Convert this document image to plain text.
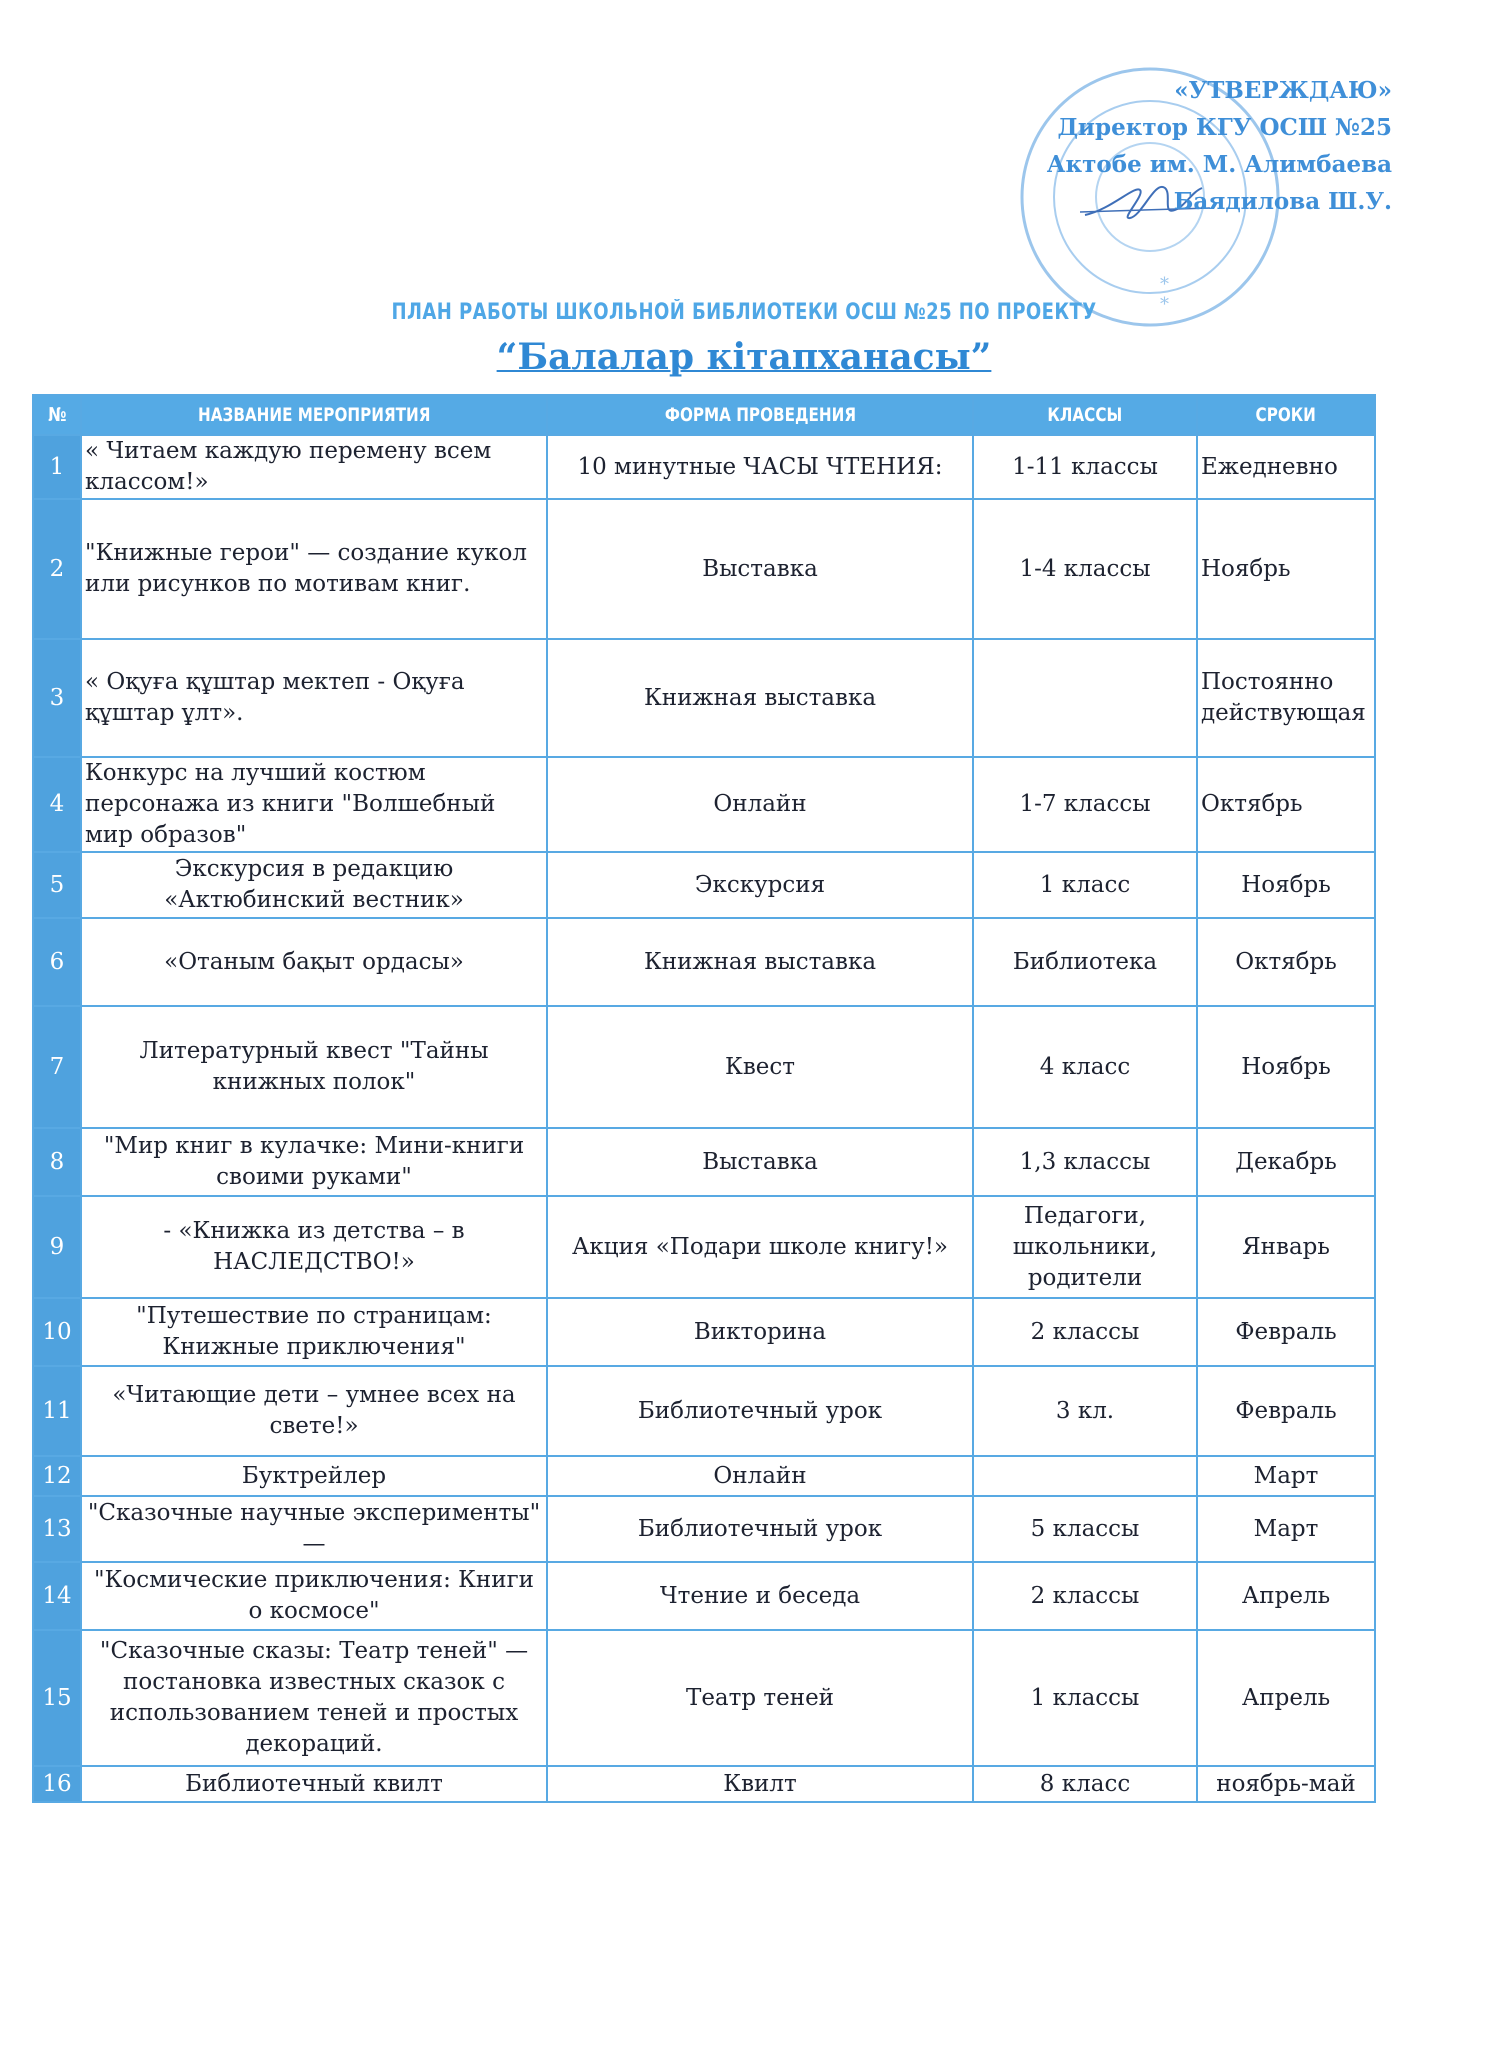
*
*
«УТВЕРЖДАЮ»
Директор КГУ ОСШ №25
Актобе им. М. Алимбаева
Баядилова Ш.У.
ПЛАН РАБОТЫ ШКОЛЬНОЙ БИБЛИОТЕКИ ОСШ №25 ПО ПРОЕКТУ
“Балалар кітапханасы”
№	НАЗВАНИЕ МЕРОПРИЯТИЯ	ФОРМА ПРОВЕДЕНИЯ	КЛАССЫ	СРОКИ
1	« Читаем каждую перемену всем классом!»	10 минутные ЧАСЫ ЧТЕНИЯ:	1-11 классы	Ежедневно
2	"Книжные герои" — создание кукол или рисунков по мотивам книг.	Выставка	1-4 классы	Ноябрь
3	« Оқуға құштар мектеп - Оқуға құштар ұлт».	Книжная выставка		Постоянно действующая
4	Конкурс на лучший костюм персонажа из книги "Волшебный мир образов"	Онлайн	1-7 классы	Октябрь
5	Экскурсия в редакцию «Актюбинский вестник»	Экскурсия	1 класс	Ноябрь
6	«Отаным бақыт ордасы»	Книжная выставка	Библиотека	Октябрь
7	Литературный квест "Тайны книжных полок"	Квест	4 класс	Ноябрь
8	"Мир книг в кулачке: Мини-книги своими руками"	Выставка	1,3 классы	Декабрь
9	- «Книжка из детства – в НАСЛЕДСТВО!»	Акция «Подари школе книгу!»	Педагоги, школьники, родители	Январь
10	"Путешествие по страницам: Книжные приключения"	Викторина	2 классы	Февраль
11	«Читающие дети – умнее всех на свете!»	Библиотечный урок	3 кл.	Февраль
12	Буктрейлер	Онлайн		Март
13	"Сказочные научные эксперименты" —	Библиотечный урок	5 классы	Март
14	"Космические приключения: Книги о космосе"	Чтение и беседа	2 классы	Апрель
15	"Сказочные сказы: Театр теней" — постановка известных сказок с использованием теней и простых декораций.	Театр теней	1 классы	Апрель
16	Библиотечный квилт	Квилт	8 класс	ноябрь-май
